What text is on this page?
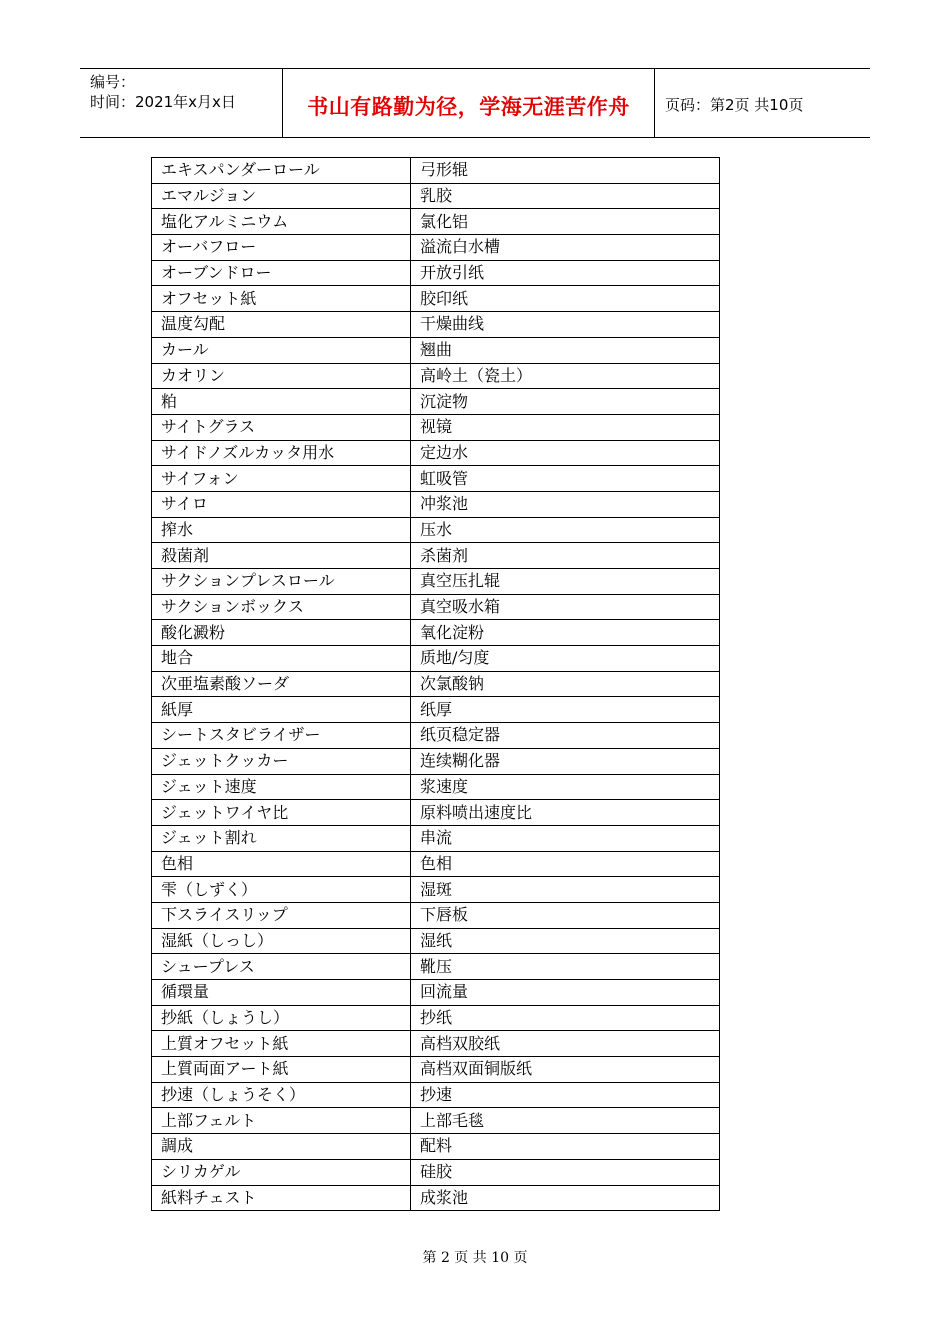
编号：
时间：2021年x月x日	书山有路勤为径，学海无涯苦作舟	页码：第2页 共10页
エキスパンダーロール	弓形辊
エマルジョン	乳胶
塩化アルミニウム	氯化铝
オーバフロー	溢流白水槽
オーブンドロー	开放引纸
オフセット紙	胶印纸
温度勾配	干燥曲线
カール	翘曲
カオリン	高岭土（瓷土）
粕	沉淀物
サイトグラス	视镜
サイドノズルカッタ用水	定边水
サイフォン	虹吸管
サイロ	冲浆池
搾水	压水
殺菌剤	杀菌剂
サクションプレスロール	真空压扎辊
サクションボックス	真空吸水箱
酸化澱粉	氧化淀粉
地合	质地/匀度
次亜塩素酸ソーダ	次氯酸钠
紙厚	纸厚
シートスタビライザー	纸页稳定器
ジェットクッカー	连续糊化器
ジェット速度	浆速度
ジェットワイヤ比	原料喷出速度比
ジェット割れ	串流
色相	色相
雫（しずく）	湿斑
下スライスリップ	下唇板
湿紙（しっし）	湿纸
シュープレス	靴压
循環量	回流量
抄紙（しょうし）	抄纸
上質オフセット紙	高档双胶纸
上質両面アート紙	高档双面铜版纸
抄速（しょうそく）	抄速
上部フェルト	上部毛毯
調成	配料
シリカゲル	硅胶
紙料チェスト	成浆池
第 2 页 共 10 页
